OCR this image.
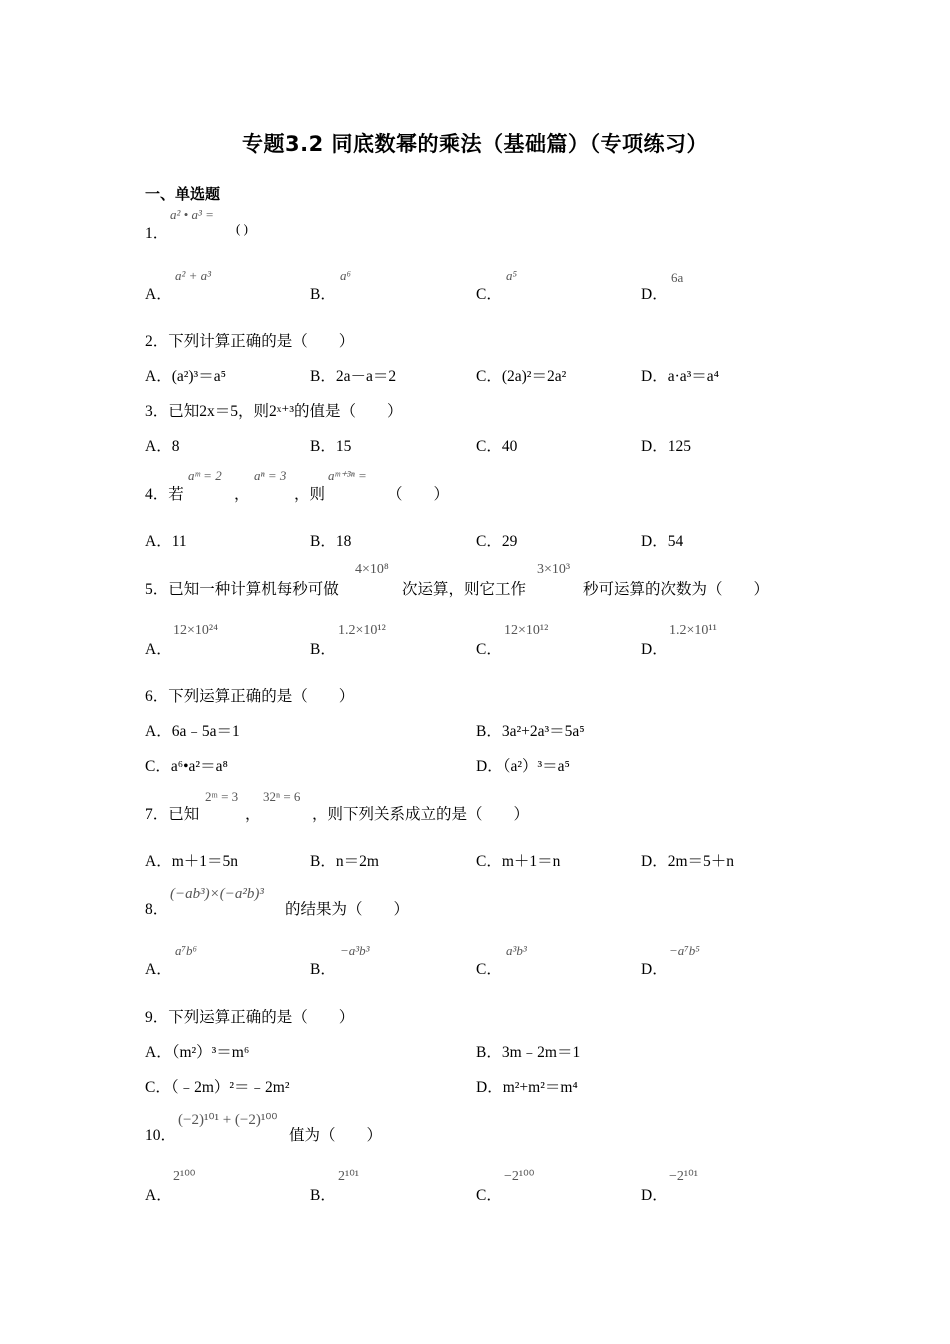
专题3.2 同底数幂的乘法（基础篇）（专项练习）
一、单选题
1．
a² • a³ =
( )
A．
a² + a³
B．
a⁶
C．
a⁵
D．
6a
2．下列计算正确的是（　　）
A．(a²)³＝a⁵	B．2a－a＝2	C．(2a)²＝2a²	D．a·a³＝a⁴
3．已知2x＝5，则2ˣ⁺³的值是（　　）
A．8	B．15	C．40	D．125
4．若
aᵐ = 2
，
aⁿ = 3
，则
aᵐ⁺³ⁿ =
（　　）
A．11	B．18	C．29	D．54
5．已知一种计算机每秒可做
4×10⁸
次运算，则它工作
3×10³
秒可运算的次数为（　　）
A．
12×10²⁴
B．
1.2×10¹²
C．
12×10¹²
D．
1.2×10¹¹
6．下列运算正确的是（　　）
A．6a﹣5a＝1	B．3a²+2a³＝5a⁵
C．a⁶•a²＝a⁸	D．（a²）³＝a⁵
7．已知
2ᵐ = 3
，
32ⁿ = 6
，则下列关系成立的是（　　）
A．m＋1＝5n	B．n＝2m	C．m＋1＝n	D．2m＝5＋n
8．
(−ab³)×(−a²b)³
的结果为（　　）
A．
a⁷b⁶
B．
−a³b³
C．
a³b³
D．
−a⁷b⁵
9．下列运算正确的是（　　）
A．（m²）³＝m⁶	B．3m﹣2m＝1
C．（﹣2m）²＝﹣2m²	D．m²+m²＝m⁴
10．
(−2)¹⁰¹ + (−2)¹⁰⁰
值为（　　）
A．
2¹⁰⁰
B．
2¹⁰¹
C．
−2¹⁰⁰
D．
−2¹⁰¹
